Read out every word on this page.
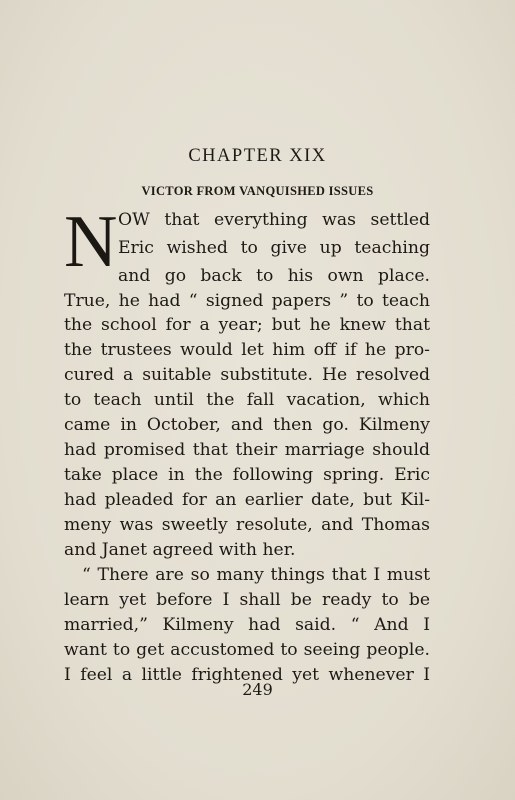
CHAPTER XIX
VICTOR FROM VANQUISHED ISSUES
N OW that everything was settled
Eric wished to give up teaching
and go back to his own place.
True, he had “ signed papers ” to teach
the school for a year; but he knew that
the trustees would let him off if he pro-
cured a suitable substitute. He resolved
to teach until the fall vacation, which
came in October, and then go. Kilmeny
had promised that their marriage should
take place in the following spring. Eric
had pleaded for an earlier date, but Kil-
meny was sweetly resolute, and Thomas
and Janet agreed with her.
“ There are so many things that I must
learn yet before I shall be ready to be
married,” Kilmeny had said. “ And I
want to get accustomed to seeing people.
I feel a little frightened yet whenever I
249
